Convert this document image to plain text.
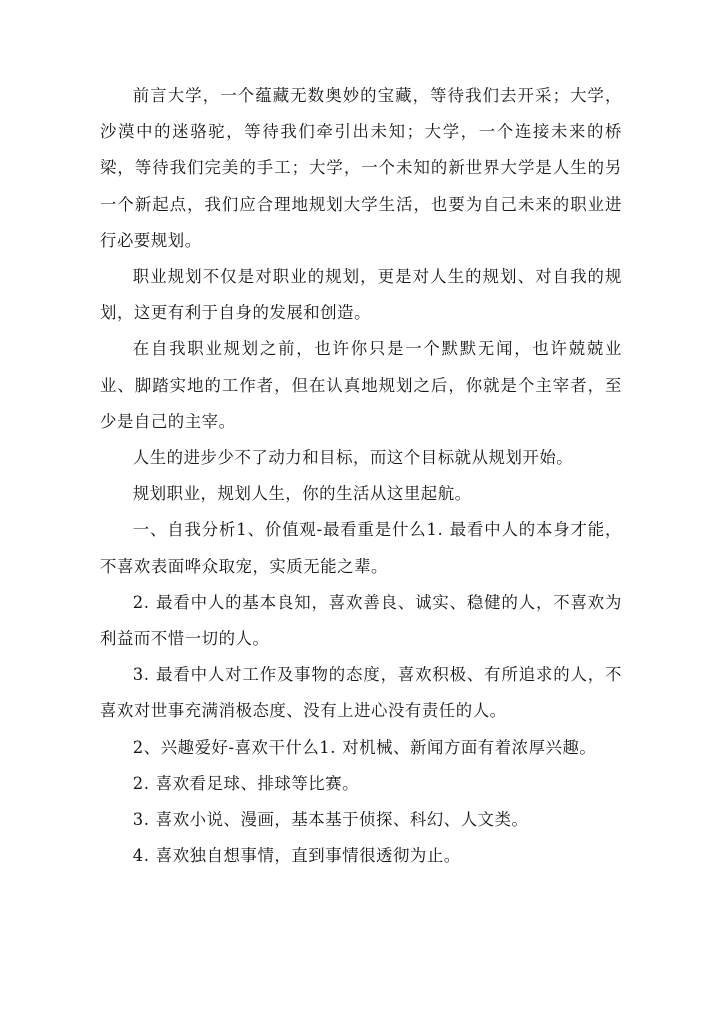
前言大学，一个蕴藏无数奥妙的宝藏，等待我们去开采；大学，沙漠中的迷骆驼，等待我们牵引出未知；大学，一个连接未来的桥梁，等待我们完美的手工；大学，一个未知的新世界大学是人生的另一个新起点，我们应合理地规划大学生活，也要为自己未来的职业进行必要规划。

职业规划不仅是对职业的规划，更是对人生的规划、对自我的规划，这更有利于自身的发展和创造。

在自我职业规划之前，也许你只是一个默默无闻，也许兢兢业业、脚踏实地的工作者，但在认真地规划之后，你就是个主宰者，至少是自己的主宰。

人生的进步少不了动力和目标，而这个目标就从规划开始。

规划职业，规划人生，你的生活从这里起航。

一、自我分析1、价值观-最看重是什么1. 最看中人的本身才能，不喜欢表面哗众取宠，实质无能之辈。

2. 最看中人的基本良知，喜欢善良、诚实、稳健的人，不喜欢为利益而不惜一切的人。

3. 最看中人对工作及事物的态度，喜欢积极、有所追求的人，不喜欢对世事充满消极态度、没有上进心没有责任的人。

2、兴趣爱好-喜欢干什么1. 对机械、新闻方面有着浓厚兴趣。

2. 喜欢看足球、排球等比赛。

3. 喜欢小说、漫画，基本基于侦探、科幻、人文类。

4. 喜欢独自想事情，直到事情很透彻为止。
